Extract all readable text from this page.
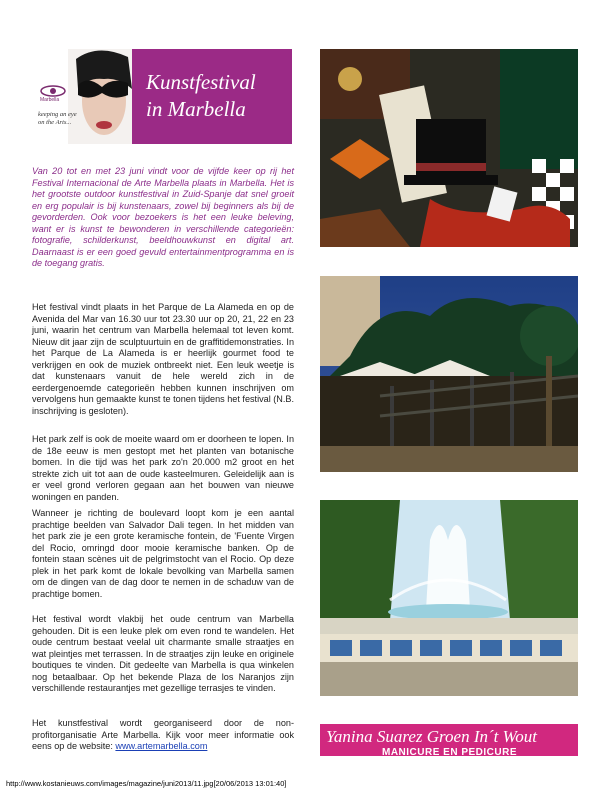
Marbella
keeping an eye
on the Arts...
Kunstfestival
in Marbella
Van 20 tot en met 23 juni vindt voor de vijfde keer op rij het Festival Internacional de Arte Marbella plaats in Marbella. Het is het grootste outdoor kunstfestival in Zuid-Spanje dat snel groeit en erg populair is bij kunstenaars, zowel bij beginners als bij de gevorderden. Ook voor bezoekers is het een leuke beleving, want er is kunst te bewonderen in verschillende categorieën: fotografie, schilderkunst, beeldhouwkunst en digital art. Daarnaast is er een goed gevuld entertainmentprogramma en is de toegang gratis.
Het festival vindt plaats in het Parque de La Alameda en op de Avenida del Mar van 16.30 uur tot 23.30 uur op 20, 21, 22 en 23 juni, waarin het centrum van Marbella helemaal tot leven komt. Nieuw dit jaar zijn de sculptuurtuin en de graffitidemonstraties. In het Parque de La Alameda is er heerlijk gourmet food te verkrijgen en ook de muziek ontbreekt niet. Een leuk weetje is dat kunstenaars vanuit de hele wereld zich in de eerdergenoemde categorieën hebben kunnen inschrijven om vervolgens hun gemaakte kunst te tonen tijdens het festival (N.B. inschrijving is gesloten).
Het park zelf is ook de moeite waard om er doorheen te lopen. In de 18e eeuw is men gestopt met het planten van botanische bomen. In die tijd was het park zo'n 20.000 m2 groot en het strekte zich uit tot aan de oude kasteelmuren. Geleidelijk aan is er veel grond verloren gegaan aan het bouwen van nieuwe woningen en panden.
Wanneer je richting de boulevard loopt kom je een aantal prachtige beelden van Salvador Dali tegen. In het midden van het park zie je een grote keramische fontein, de 'Fuente Virgen del Rocio, omringd door mooie keramische banken. Op de fontein staan scènes uit de pelgrimstocht van el Rocio. Op deze plek in het park komt de lokale bevolking van Marbella samen om de dingen van de dag door te nemen in de schaduw van de prachtige bomen.
Het festival wordt vlakbij het oude centrum van Marbella gehouden. Dit is een leuke plek om even rond te wandelen. Het oude centrum bestaat veelal uit charmante smalle straatjes en wat pleintjes met terrassen. In de straatjes zijn leuke en originele boutiques te vinden. Dit gedeelte van Marbella is qua winkelen nog betaalbaar. Op het bekende Plaza de los Naranjos zijn verschillende restaurantjes met gezellige terrasjes te vinden.
Het kunstfestival wordt georganiseerd door de non-profitorganisatie Arte Marbella. Kijk voor meer informatie ook eens op de website: www.artemarbella.com	Yanina Suarez Groen In´t Wout
MANICURE EN PEDICURE
http://www.kostanieuws.com/images/magazine/juni2013/11.jpg[20/06/2013 13:01:40]
